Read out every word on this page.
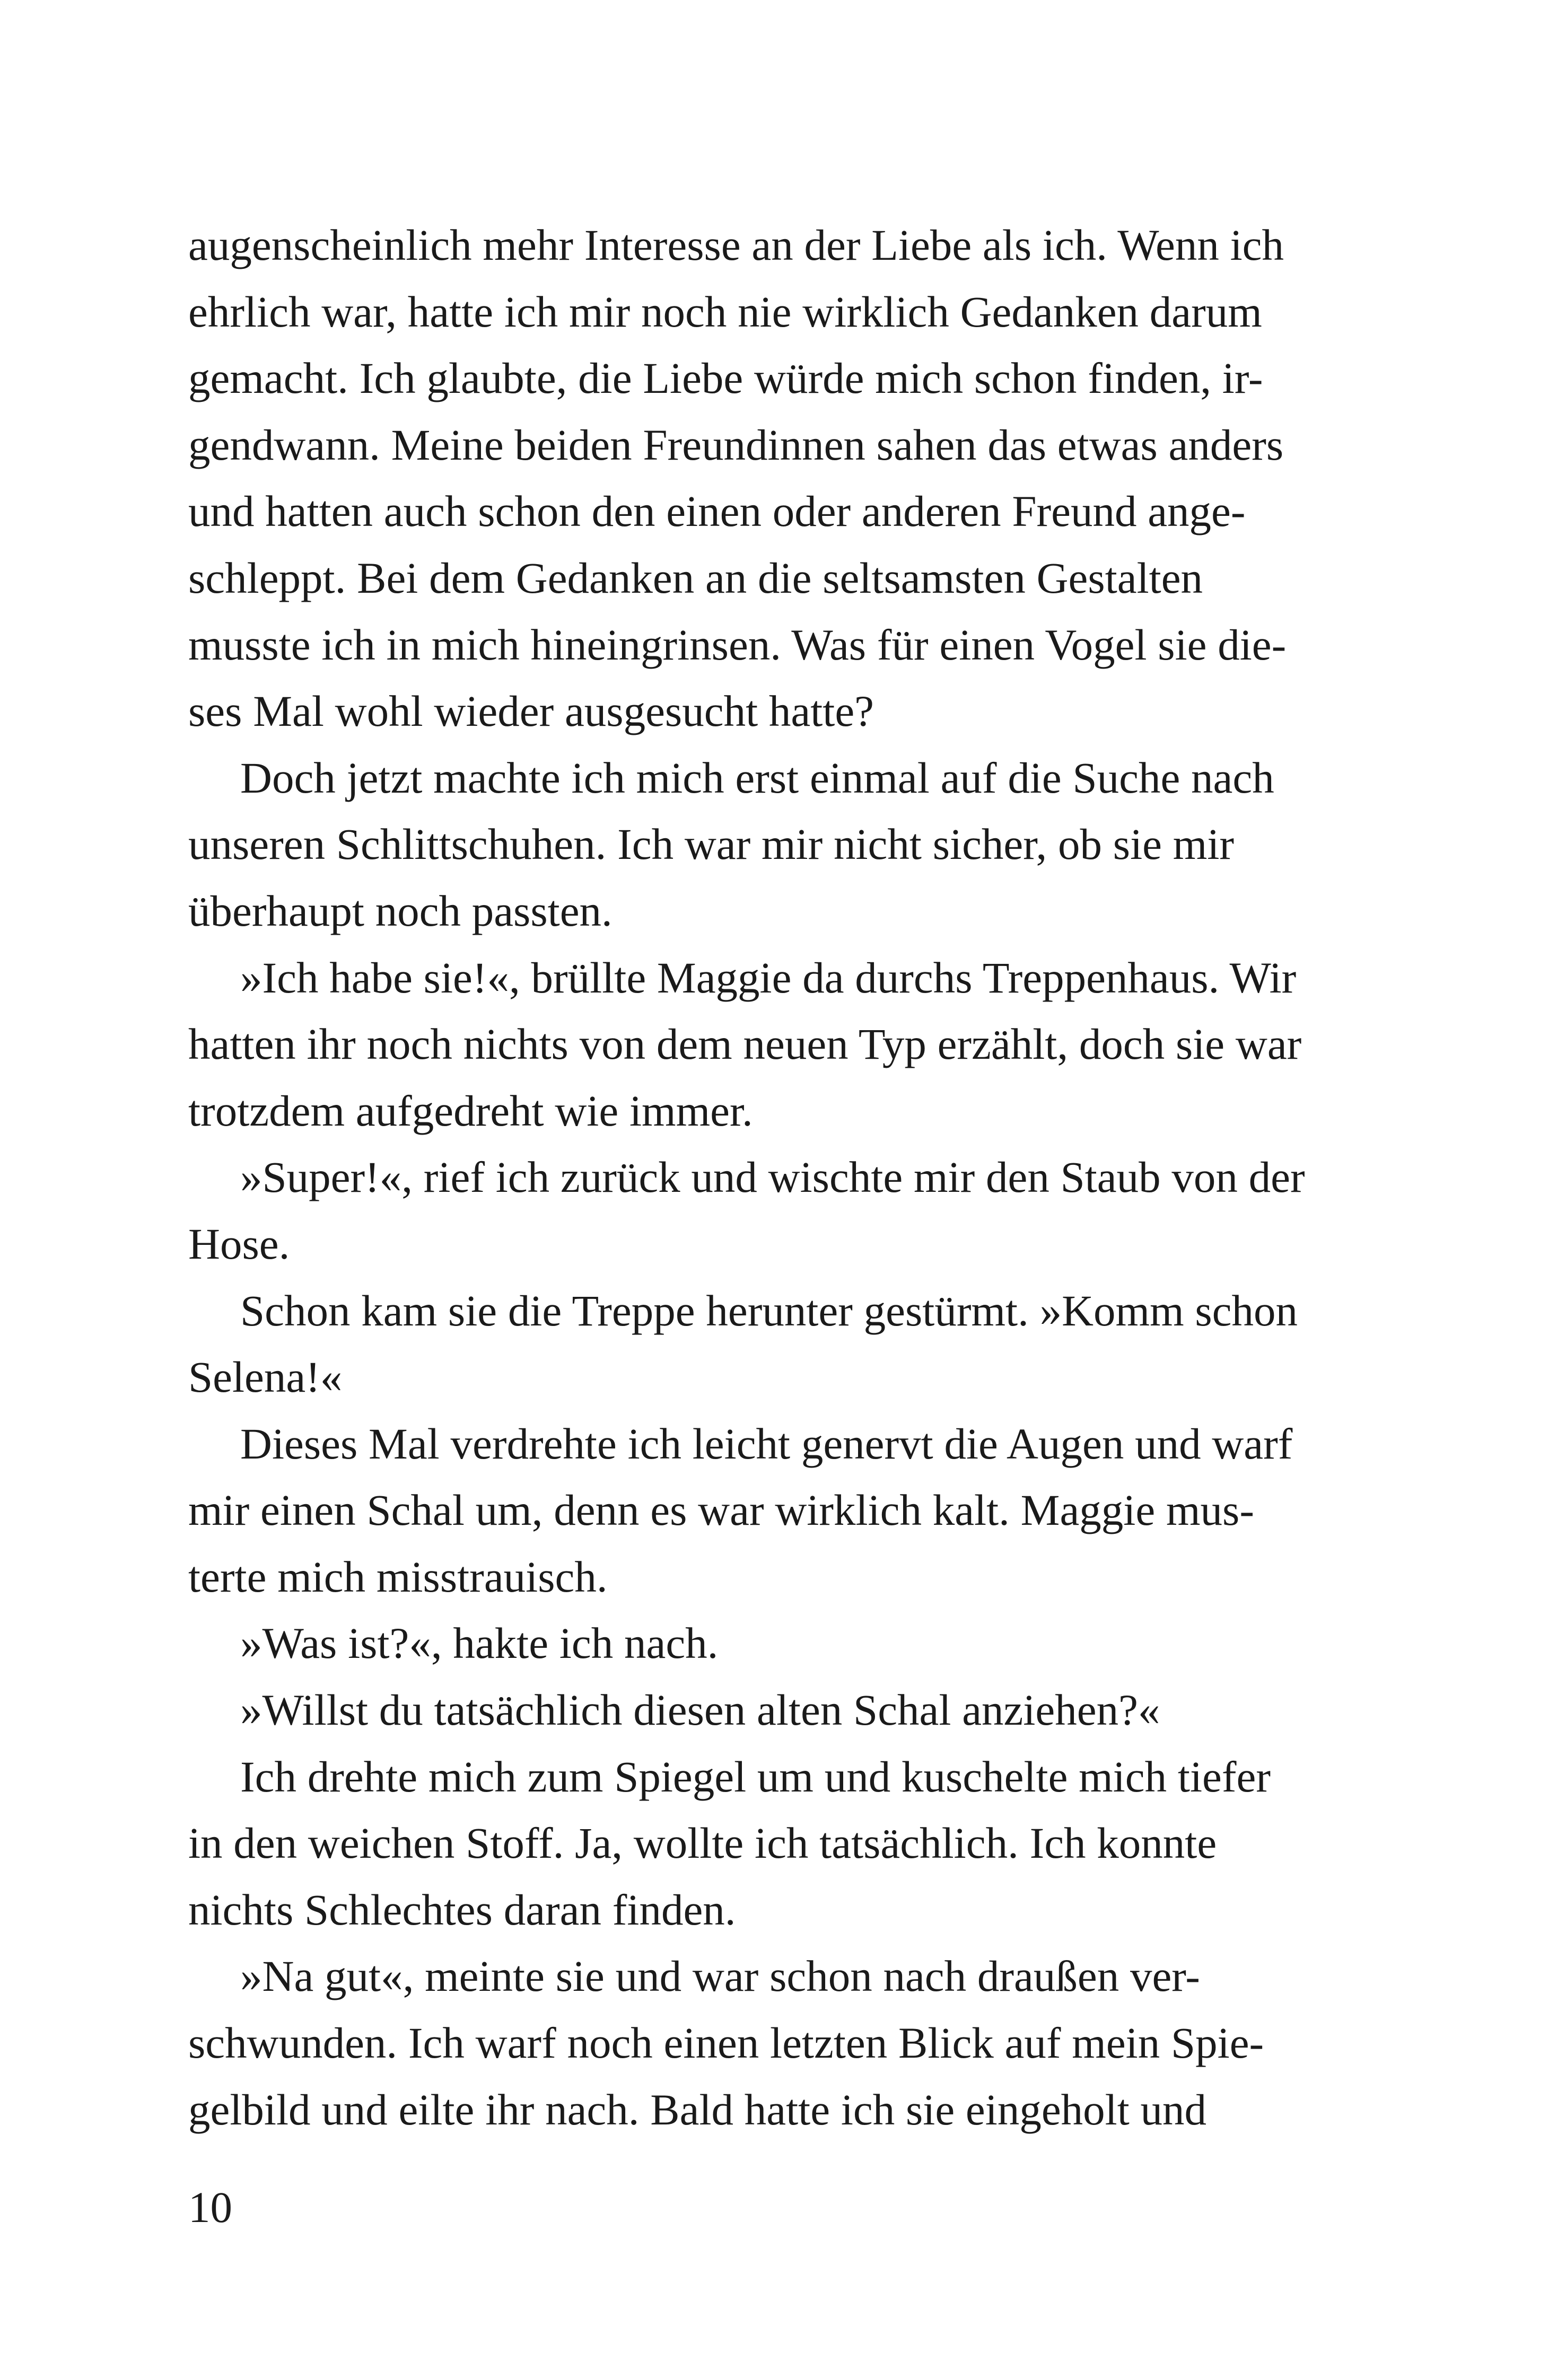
augenscheinlich mehr Interesse an der Liebe als ich. Wenn ich
ehrlich war, hatte ich mir noch nie wirklich Gedanken darum
gemacht. Ich glaubte, die Liebe würde mich schon finden, ir-
gendwann. Meine beiden Freundinnen sahen das etwas anders
und hatten auch schon den einen oder anderen Freund ange-
schleppt. Bei dem Gedanken an die seltsamsten Gestalten
musste ich in mich hineingrinsen. Was für einen Vogel sie die-
ses Mal wohl wieder ausgesucht hatte?
Doch jetzt machte ich mich erst einmal auf die Suche nach
unseren Schlittschuhen. Ich war mir nicht sicher, ob sie mir
überhaupt noch passten.
»Ich habe sie!«, brüllte Maggie da durchs Treppenhaus. Wir
hatten ihr noch nichts von dem neuen Typ erzählt, doch sie war
trotzdem aufgedreht wie immer.
»Super!«, rief ich zurück und wischte mir den Staub von der
Hose.
Schon kam sie die Treppe herunter gestürmt. »Komm schon
Selena!«
Dieses Mal verdrehte ich leicht genervt die Augen und warf
mir einen Schal um, denn es war wirklich kalt. Maggie mus-
terte mich misstrauisch.
»Was ist?«, hakte ich nach.
»Willst du tatsächlich diesen alten Schal anziehen?«
Ich drehte mich zum Spiegel um und kuschelte mich tiefer
in den weichen Stoff. Ja, wollte ich tatsächlich. Ich konnte
nichts Schlechtes daran finden.
»Na gut«, meinte sie und war schon nach draußen ver-
schwunden. Ich warf noch einen letzten Blick auf mein Spie-
gelbild und eilte ihr nach. Bald hatte ich sie eingeholt und
10
